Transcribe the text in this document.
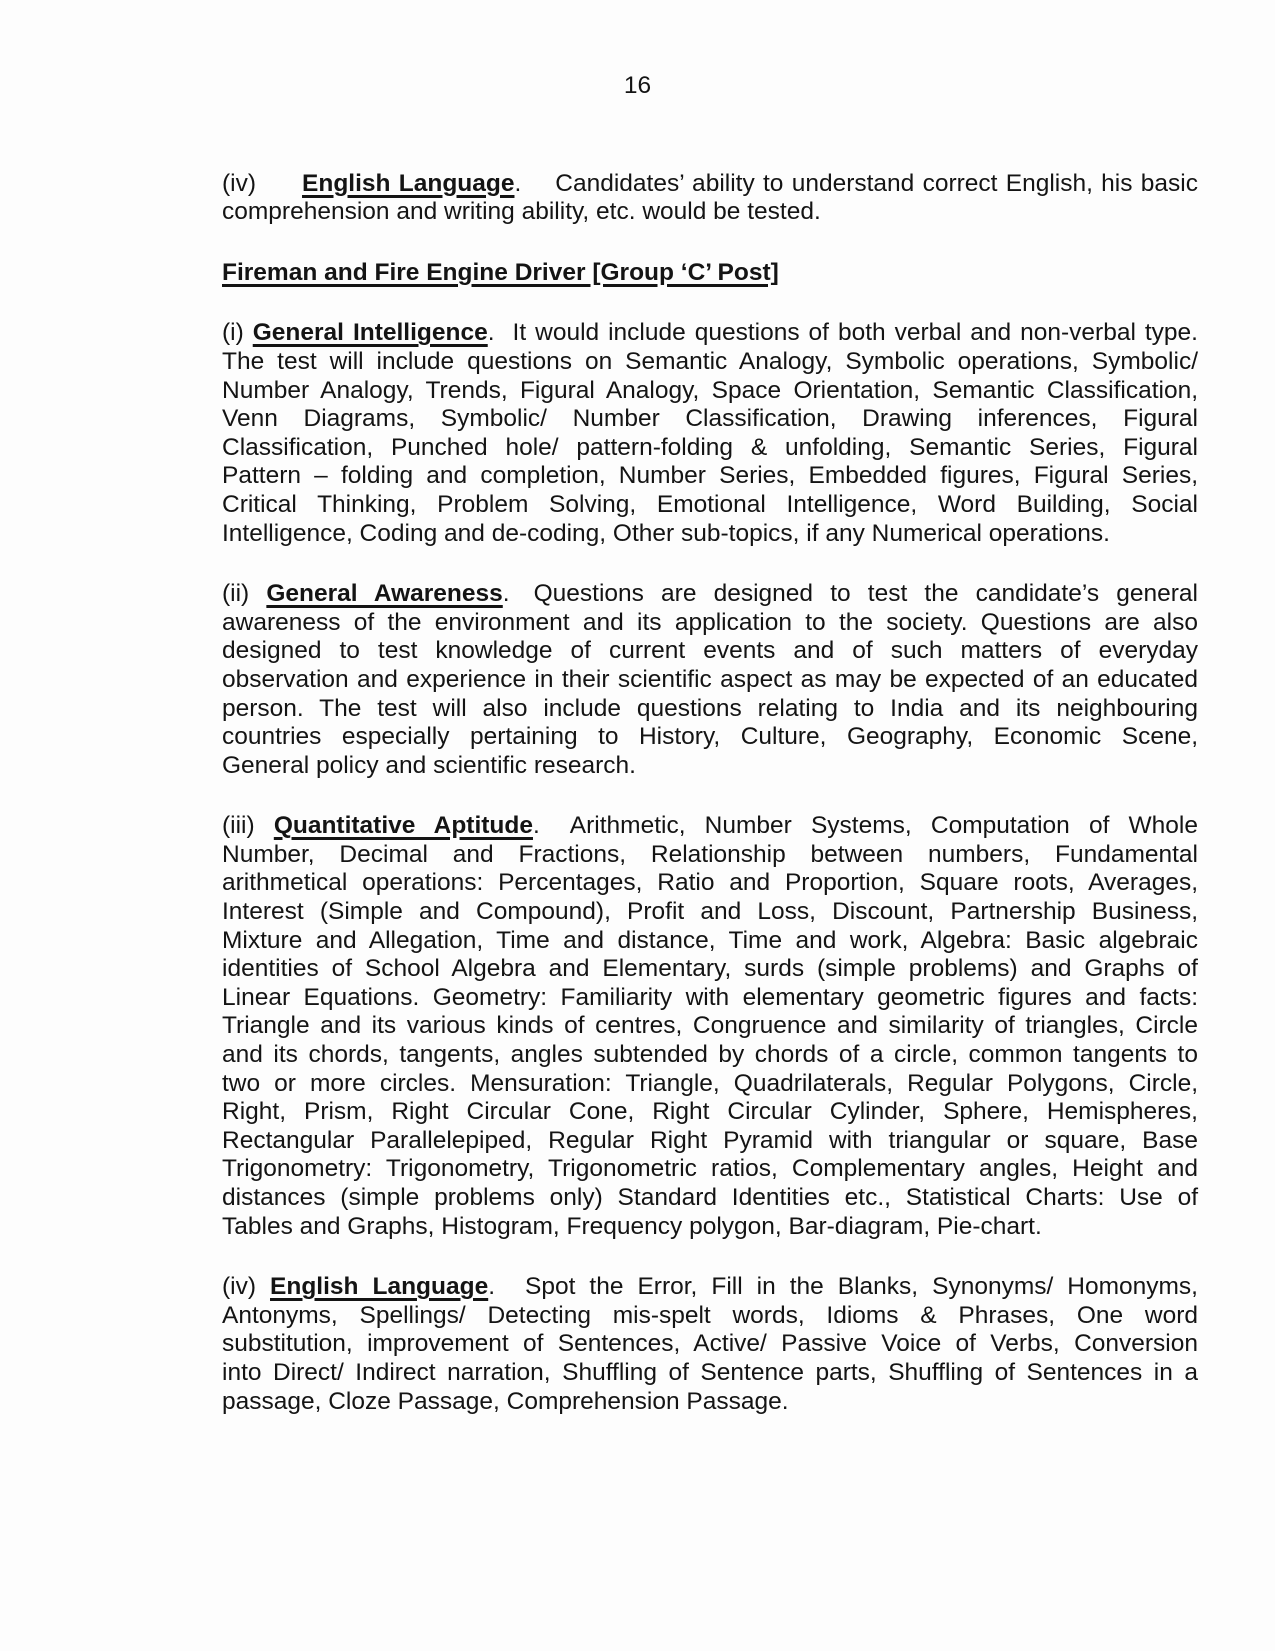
16
(iv) English Language. Candidates’ ability to understand correct English, his basic
comprehension and writing ability, etc. would be tested.
Fireman and Fire Engine Driver [Group ‘C’ Post]
(i) General Intelligence. It would include questions of both verbal and non-verbal type.
The test will include questions on Semantic Analogy, Symbolic operations, Symbolic/
Number Analogy, Trends, Figural Analogy, Space Orientation, Semantic Classification,
Venn Diagrams, Symbolic/ Number Classification, Drawing inferences, Figural
Classification, Punched hole/ pattern-folding & unfolding, Semantic Series, Figural
Pattern – folding and completion, Number Series, Embedded figures, Figural Series,
Critical Thinking, Problem Solving, Emotional Intelligence, Word Building, Social
Intelligence, Coding and de-coding, Other sub-topics, if any Numerical operations.
(ii) General Awareness. Questions are designed to test the candidate’s general
awareness of the environment and its application to the society. Questions are also
designed to test knowledge of current events and of such matters of everyday
observation and experience in their scientific aspect as may be expected of an educated
person. The test will also include questions relating to India and its neighbouring
countries especially pertaining to History, Culture, Geography, Economic Scene,
General policy and scientific research.
(iii) Quantitative Aptitude. Arithmetic, Number Systems, Computation of Whole
Number, Decimal and Fractions, Relationship between numbers, Fundamental
arithmetical operations: Percentages, Ratio and Proportion, Square roots, Averages,
Interest (Simple and Compound), Profit and Loss, Discount, Partnership Business,
Mixture and Allegation, Time and distance, Time and work, Algebra: Basic algebraic
identities of School Algebra and Elementary, surds (simple problems) and Graphs of
Linear Equations. Geometry: Familiarity with elementary geometric figures and facts:
Triangle and its various kinds of centres, Congruence and similarity of triangles, Circle
and its chords, tangents, angles subtended by chords of a circle, common tangents to
two or more circles. Mensuration: Triangle, Quadrilaterals, Regular Polygons, Circle,
Right, Prism, Right Circular Cone, Right Circular Cylinder, Sphere, Hemispheres,
Rectangular Parallelepiped, Regular Right Pyramid with triangular or square, Base
Trigonometry: Trigonometry, Trigonometric ratios, Complementary angles, Height and
distances (simple problems only) Standard Identities etc., Statistical Charts: Use of
Tables and Graphs, Histogram, Frequency polygon, Bar-diagram, Pie-chart.
(iv) English Language. Spot the Error, Fill in the Blanks, Synonyms/ Homonyms,
Antonyms, Spellings/ Detecting mis-spelt words, Idioms & Phrases, One word
substitution, improvement of Sentences, Active/ Passive Voice of Verbs, Conversion
into Direct/ Indirect narration, Shuffling of Sentence parts, Shuffling of Sentences in a
passage, Cloze Passage, Comprehension Passage.
